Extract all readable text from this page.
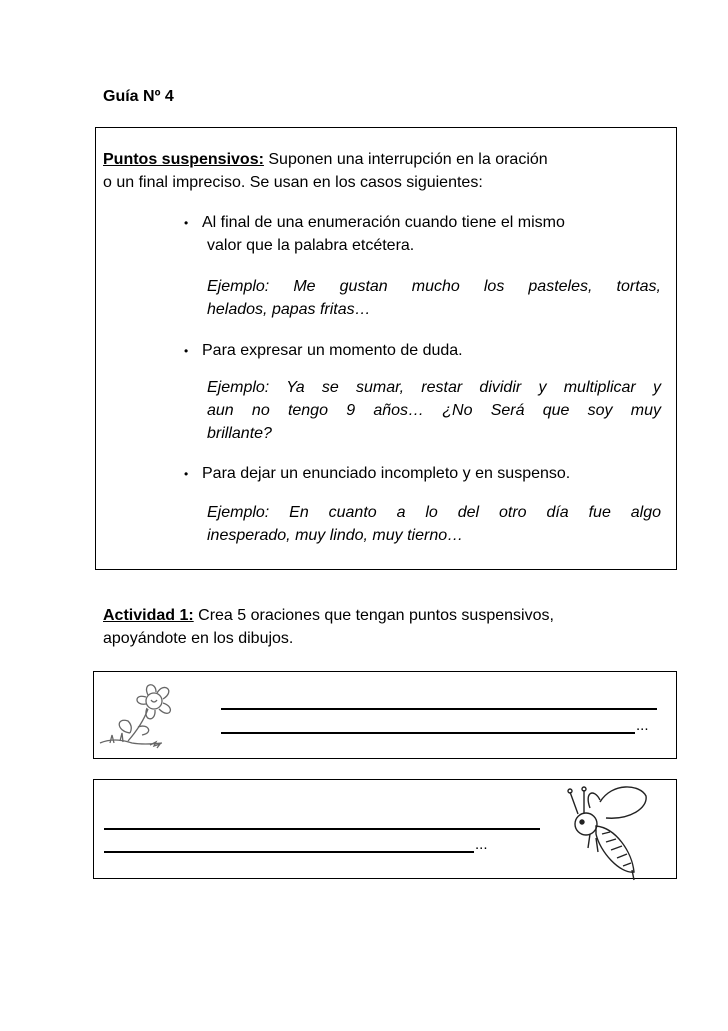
Guía Nº 4
Puntos suspensivos: Suponen una interrupción en la oración
o un final impreciso. Se usan en los casos siguientes:
• Al final de una enumeración cuando tiene el mismo
valor que la palabra etcétera.
Ejemplo: Me gustan mucho los pasteles, tortas,
helados, papas fritas…
• Para expresar un momento de duda.
Ejemplo: Ya se sumar, restar dividir y multiplicar y
aun no tengo 9 años… ¿No Será que soy muy
brillante?
• Para dejar un enunciado incompleto y en suspenso.
Ejemplo: En cuanto a lo del otro día fue algo
inesperado, muy lindo, muy tierno…
Actividad 1: Crea 5 oraciones que tengan puntos suspensivos,
apoyándote en los dibujos.
...
...
